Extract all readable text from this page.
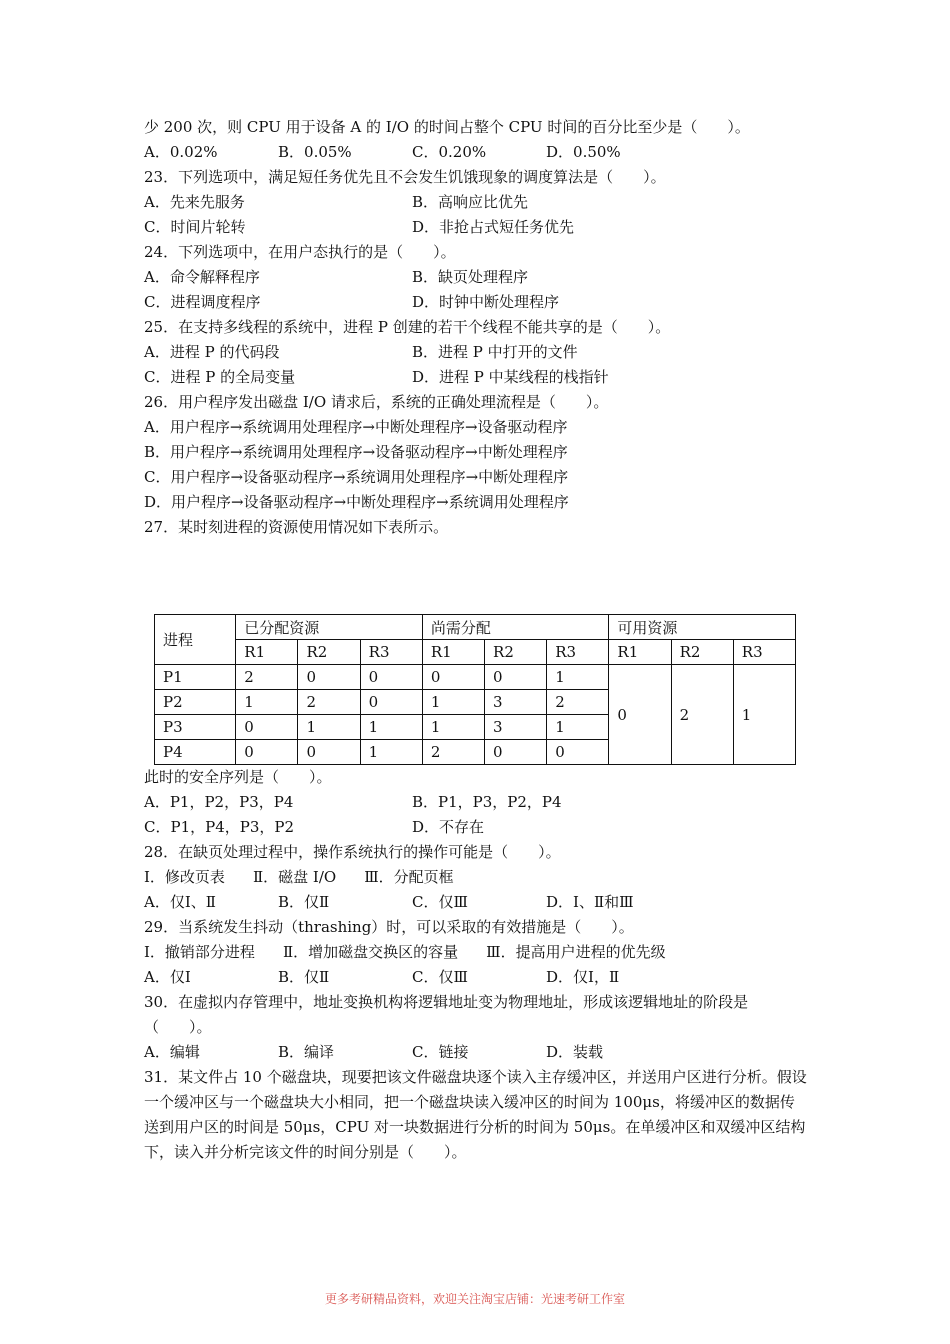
少 200 次，则 CPU 用于设备 A 的 I/O 的时间占整个 CPU 时间的百分比至少是（　　）。
A．0.02%	B．0.05%	C．0.20%	D．0.50%
23．下列选项中，满足短任务优先且不会发生饥饿现象的调度算法是（　　）。
A．先来先服务	B．高响应比优先
C．时间片轮转	D．非抢占式短任务优先
24．下列选项中，在用户态执行的是（　　）。
A．命令解释程序	B．缺页处理程序
C．进程调度程序	D．时钟中断处理程序
25．在支持多线程的系统中，进程 P 创建的若干个线程不能共享的是（　　）。
A．进程 P 的代码段	B．进程 P 中打开的文件
C．进程 P 的全局变量	D．进程 P 中某线程的栈指针
26．用户程序发出磁盘 I/O 请求后，系统的正确处理流程是（　　）。
A．用户程序→系统调用处理程序→中断处理程序→设备驱动程序
B．用户程序→系统调用处理程序→设备驱动程序→中断处理程序
C．用户程序→设备驱动程序→系统调用处理程序→中断处理程序
D．用户程序→设备驱动程序→中断处理程序→系统调用处理程序
27．某时刻进程的资源使用情况如下表所示。
进程	已分配资源			尚需分配			可用资源		
	R1	R2	R3	R1	R2	R3	R1	R2	R3
P1	2	0	0	0	0	1	0	2	1
P2	1	2	0	1	3	2			
P3	0	1	1	1	3	1			
P4	0	0	1	2	0	0			
此时的安全序列是（　　）。
A．P1，P2，P3，P4	B．P1，P3，P2，P4
C．P1，P4，P3，P2	D．不存在
28．在缺页处理过程中，操作系统执行的操作可能是（　　）。
Ⅰ．修改页表 Ⅱ．磁盘 I/O Ⅲ．分配页框
A．仅Ⅰ、Ⅱ	B．仅Ⅱ	C．仅Ⅲ	D．Ⅰ、Ⅱ和Ⅲ
29．当系统发生抖动（thrashing）时，可以采取的有效措施是（　　）。
Ⅰ．撤销部分进程 Ⅱ．增加磁盘交换区的容量 Ⅲ．提高用户进程的优先级
A．仅Ⅰ	B．仅Ⅱ	C．仅Ⅲ	D．仅Ⅰ，Ⅱ
30．在虚拟内存管理中，地址变换机构将逻辑地址变为物理地址，形成该逻辑地址的阶段是
（　　）。
A．编辑	B．编译	C．链接	D．装载
31．某文件占 10 个磁盘块，现要把该文件磁盘块逐个读入主存缓冲区，并送用户区进行分析。假设一个缓冲区与一个磁盘块大小相同，把一个磁盘块读入缓冲区的时间为 100μs，将缓冲区的数据传送到用户区的时间是 50μs，CPU 对一块数据进行分析的时间为 50μs。在单缓冲区和双缓冲区结构下，读入并分析完该文件的时间分别是（　　）。
更多考研精品资料，欢迎关注淘宝店铺：光速考研工作室
